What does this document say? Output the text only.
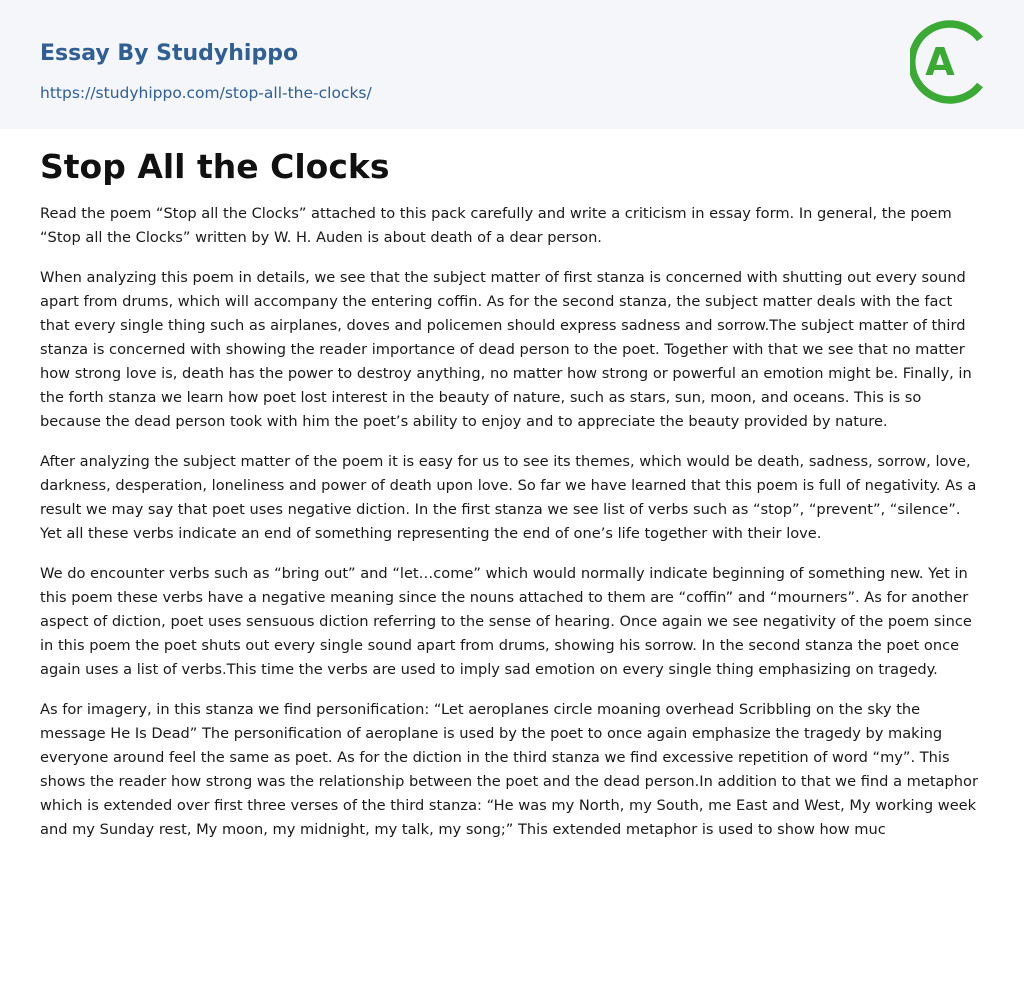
Essay By Studyhippo
https://studyhippo.com/stop-all-the-clocks/
A
Stop All the Clocks

Read the poem “Stop all the Clocks” attached to this pack carefully and write a criticism in essay form. In general, the poem “Stop all the Clocks” written by W. H. Auden is about death of a dear person.

When analyzing this poem in details, we see that the subject matter of first stanza is concerned with shutting out every sound apart from drums, which will accompany the entering coffin. As for the second stanza, the subject matter deals with the fact that every single thing such as airplanes, doves and policemen should express sadness and sorrow.The subject matter of third stanza is concerned with showing the reader importance of dead person to the poet. Together with that we see that no matter how strong love is, death has the power to destroy anything, no matter how strong or powerful an emotion might be. Finally, in the forth stanza we learn how poet lost interest in the beauty of nature, such as stars, sun, moon, and oceans. This is so because the dead person took with him the poet’s ability to enjoy and to appreciate the beauty provided by nature.

After analyzing the subject matter of the poem it is easy for us to see its themes, which would be death, sadness, sorrow, love, darkness, desperation, loneliness and power of death upon love. So far we have learned that this poem is full of negativity. As a result we may say that poet uses negative diction. In the first stanza we see list of verbs such as “stop”, “prevent”, “silence”. Yet all these verbs indicate an end of something representing the end of one’s life together with their love.

We do encounter verbs such as “bring out” and “let…come” which would normally indicate beginning of something new. Yet in this poem these verbs have a negative meaning since the nouns attached to them are “coffin” and “mourners”. As for another aspect of diction, poet uses sensuous diction referring to the sense of hearing. Once again we see negativity of the poem since in this poem the poet shuts out every single sound apart from drums, showing his sorrow. In the second stanza the poet once again uses a list of verbs.This time the verbs are used to imply sad emotion on every single thing emphasizing on tragedy.

As for imagery, in this stanza we find personification: “Let aeroplanes circle moaning overhead Scribbling on the sky the message He Is Dead” The personification of aeroplane is used by the poet to once again emphasize the tragedy by making everyone around feel the same as poet. As for the diction in the third stanza we find excessive repetition of word “my”. This shows the reader how strong was the relationship between the poet and the dead person.In addition to that we find a metaphor which is extended over first three verses of the third stanza: “He was my North, my South, me East and West, My working week and my Sunday rest, My moon, my midnight, my talk, my song;” This extended metaphor is used to show how muc
